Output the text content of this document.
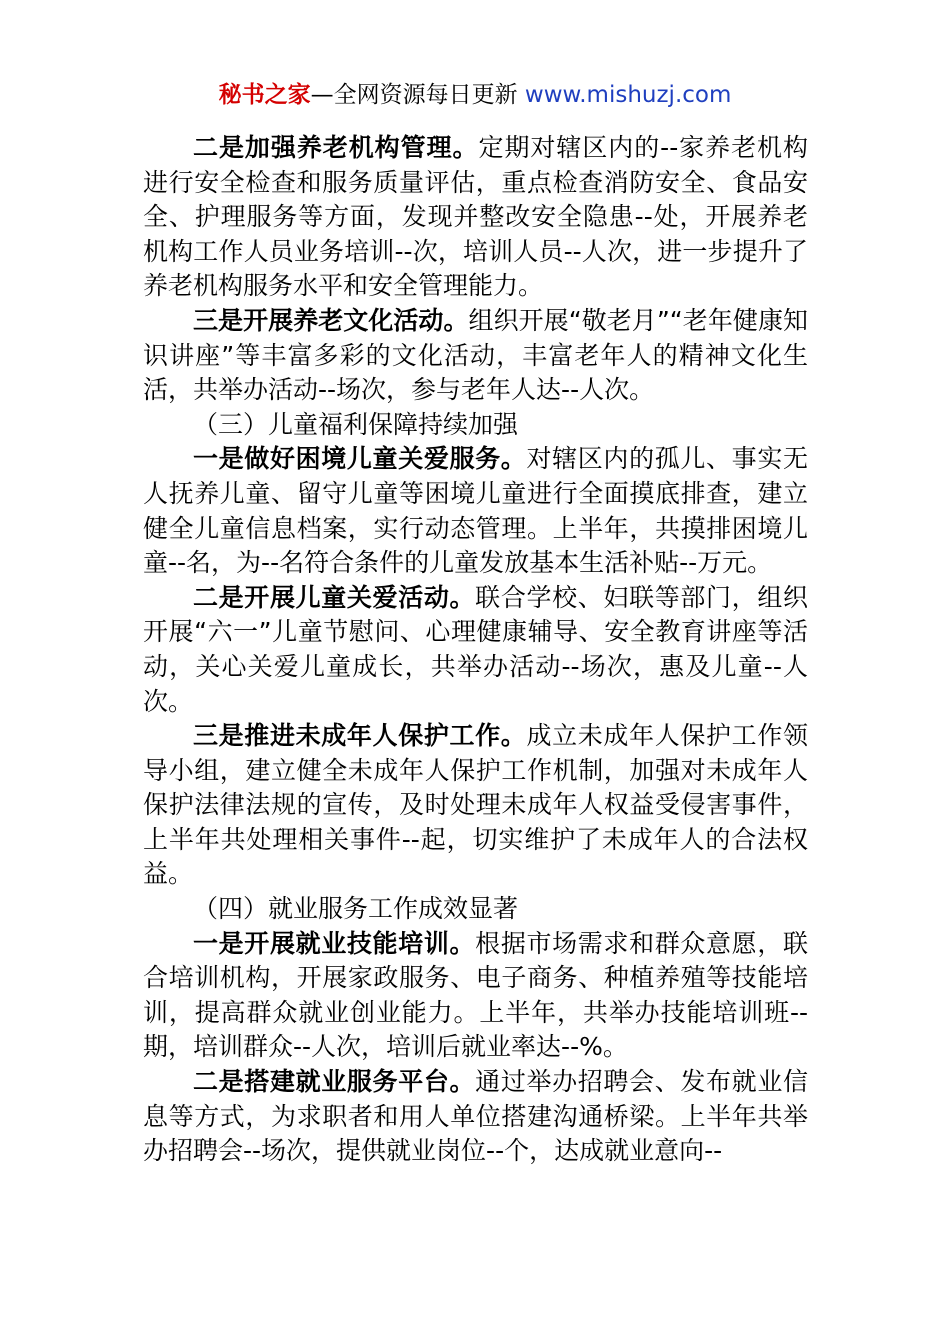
秘书之家—全网资源每日更新 www.mishuzj.com

二是加强养老机构管理。定期对辖区内的--家养老机构进行安全检查和服务质量评估，重点检查消防安全、食品安全、护理服务等方面，发现并整改安全隐患--处，开展养老机构工作人员业务培训--次，培训人员--人次，进一步提升了养老机构服务水平和安全管理能力。

三是开展养老文化活动。组织开展“敬老月”“老年健康知识讲座”等丰富多彩的文化活动，丰富老年人的精神文化生活，共举办活动--场次，参与老年人达--人次。

（三）儿童福利保障持续加强

一是做好困境儿童关爱服务。对辖区内的孤儿、事实无人抚养儿童、留守儿童等困境儿童进行全面摸底排查，建立健全儿童信息档案，实行动态管理。上半年，共摸排困境儿童--名，为--名符合条件的儿童发放基本生活补贴--万元。

二是开展儿童关爱活动。联合学校、妇联等部门，组织开展“六一”儿童节慰问、心理健康辅导、安全教育讲座等活动，关心关爱儿童成长，共举办活动--场次，惠及儿童--人次。

三是推进未成年人保护工作。成立未成年人保护工作领导小组，建立健全未成年人保护工作机制，加强对未成年人保护法律法规的宣传，及时处理未成年人权益受侵害事件，上半年共处理相关事件--起，切实维护了未成年人的合法权益。

（四）就业服务工作成效显著

一是开展就业技能培训。根据市场需求和群众意愿，联合培训机构，开展家政服务、电子商务、种植养殖等技能培训，提高群众就业创业能力。上半年，共举办技能培训班--期，培训群众--人次，培训后就业率达--%。

二是搭建就业服务平台。通过举办招聘会、发布就业信息等方式，为求职者和用人单位搭建沟通桥梁。上半年共举办招聘会--场次，提供就业岗位--个，达成就业意向--
